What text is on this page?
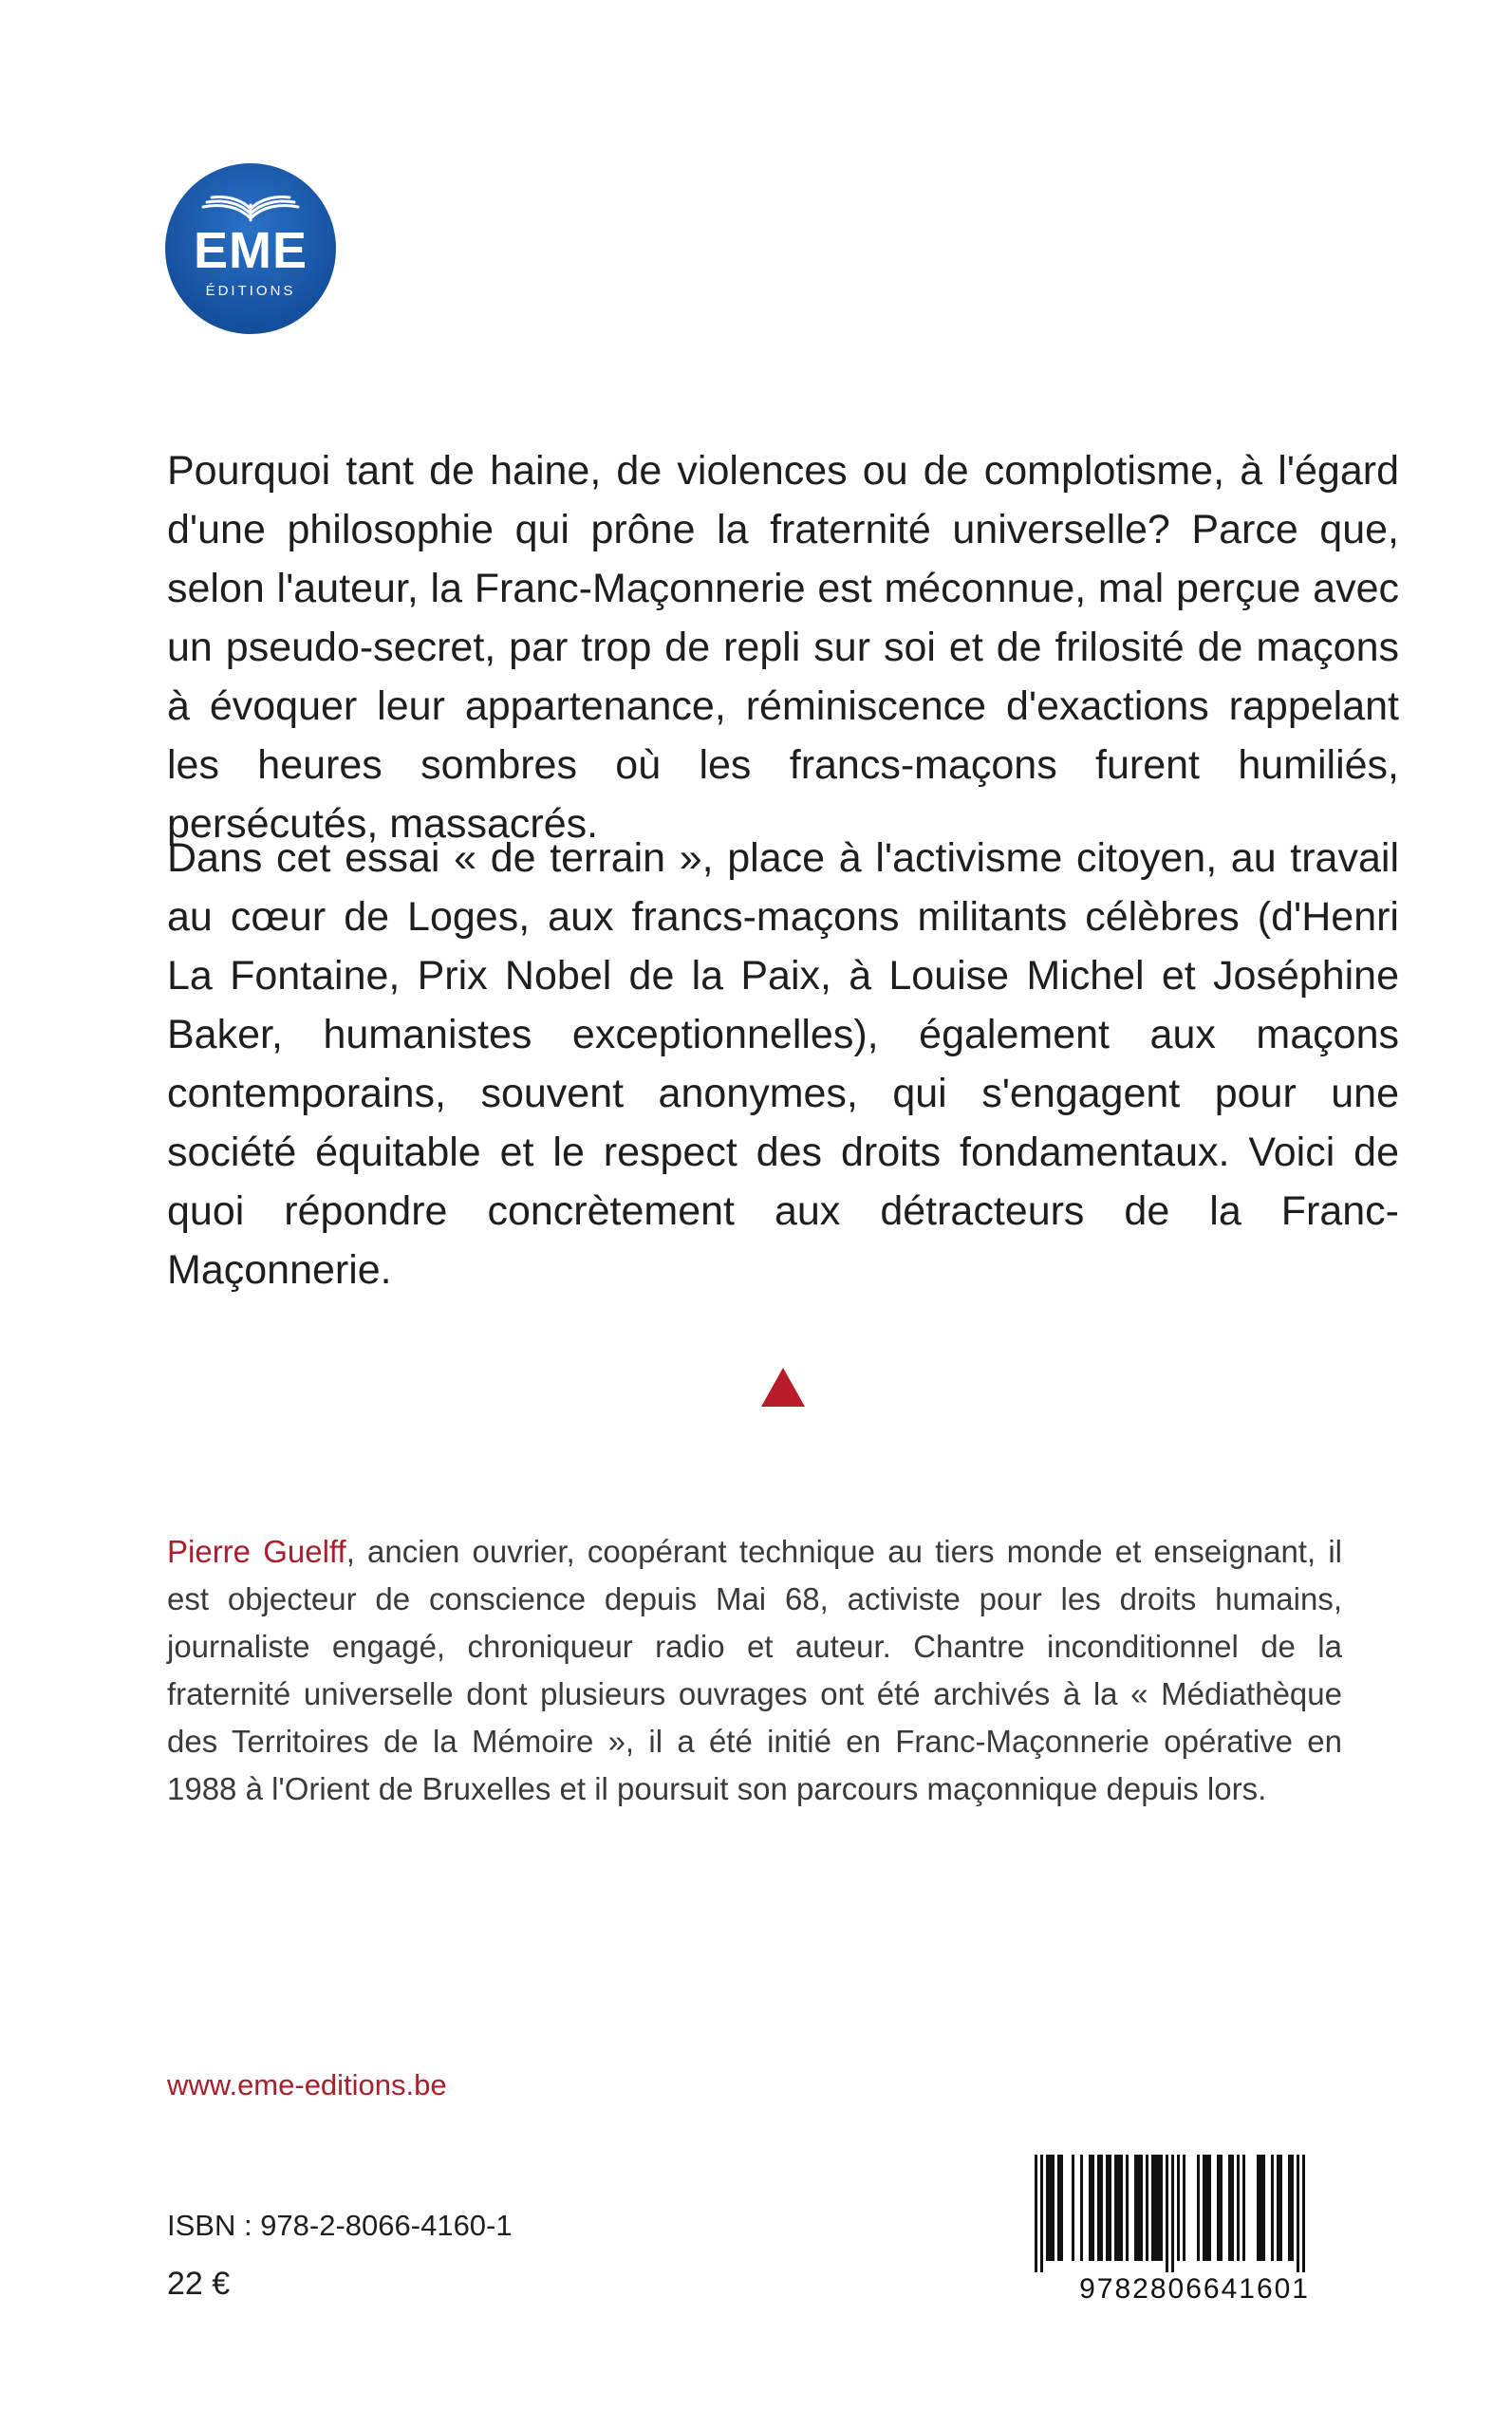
EME
ÉDITIONS

Pourquoi tant de haine, de violences ou de complotisme, à l'égard d'une philosophie qui prône la fraternité universelle? Parce que, selon l'auteur, la Franc-Maçonnerie est méconnue, mal perçue avec un pseudo-secret, par trop de repli sur soi et de frilosité de maçons à évoquer leur appartenance, réminiscence d'exactions rappelant les heures sombres où les francs-maçons furent humiliés, persécutés, massacrés.

Dans cet essai « de terrain », place à l'activisme citoyen, au travail au cœur de Loges, aux francs-maçons militants célèbres (d'Henri La Fontaine, Prix Nobel de la Paix, à Louise Michel et Joséphine Baker, humanistes exceptionnelles), également aux maçons contemporains, souvent anonymes, qui s'engagent pour une société équitable et le respect des droits fondamentaux. Voici de quoi répondre concrètement aux détracteurs de la Franc-Maçonnerie.

Pierre Guelff, ancien ouvrier, coopérant technique au tiers monde et enseignant, il est objecteur de conscience depuis Mai 68, activiste pour les droits humains, journaliste engagé, chroniqueur radio et auteur. Chantre inconditionnel de la fraternité universelle dont plusieurs ouvrages ont été archivés à la « Médiathèque des Territoires de la Mémoire », il a été initié en Franc-Maçonnerie opérative en 1988 à l'Orient de Bruxelles et il poursuit son parcours maçonnique depuis lors.

www.eme-editions.be
ISBN : 978-2-8066-4160-1
22 €	9782806641601
